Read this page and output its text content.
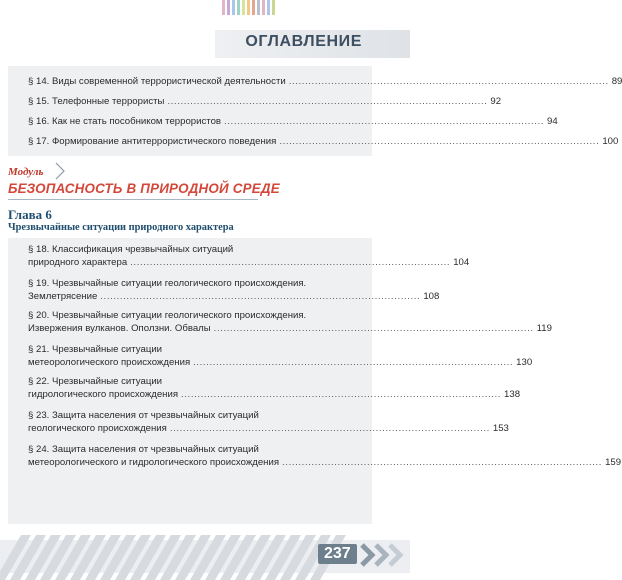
ОГЛАВЛЕНИЕ
§ 14. Виды современной террористической деятельности .................................................................................................. 89
§ 15. Телефонные террористы .................................................................................................. 92
§ 16. Как не стать пособником террористов .................................................................................................. 94
§ 17. Формирование антитеррористического поведения .................................................................................................. 100
Модуль
БЕЗОПАСНОСТЬ В ПРИРОДНОЙ СРЕДЕ
Глава 6
Чрезвычайные ситуации природного характера
§ 18. Классификация чрезвычайных ситуаций
природного характера .................................................................................................. 104
§ 19. Чрезвычайные ситуации геологического происхождения.
Землетрясение .................................................................................................. 108
§ 20. Чрезвычайные ситуации геологического происхождения.
Извержения вулканов. Оползни. Обвалы .................................................................................................. 119
§ 21. Чрезвычайные ситуации
метеорологического происхождения .................................................................................................. 130
§ 22. Чрезвычайные ситуации
гидрологического происхождения .................................................................................................. 138
§ 23. Защита населения от чрезвычайных ситуаций
геологического происхождения .................................................................................................. 153
§ 24. Защита населения от чрезвычайных ситуаций
метеорологического и гидрологического происхождения .................................................................................................. 159
237
